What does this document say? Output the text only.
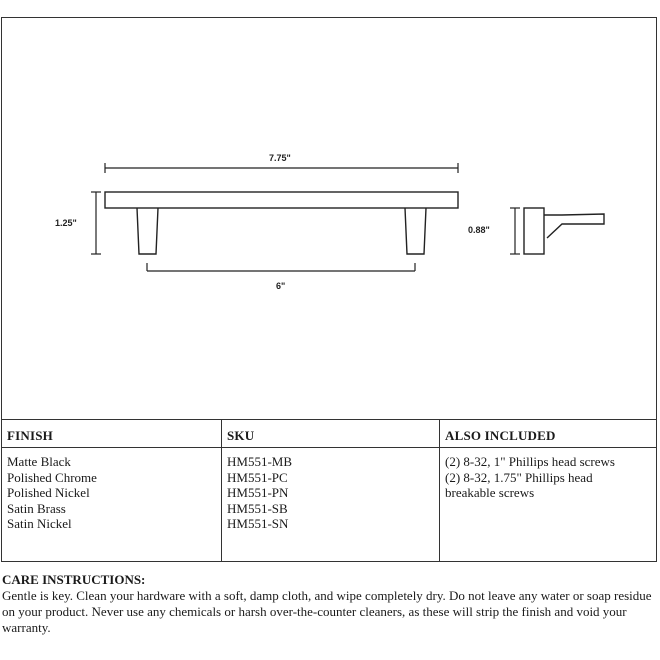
7.75"
1.25"
6"
0.88"
FINISH	SKU	ALSO INCLUDED
Matte Black
Polished Chrome
Polished Nickel
Satin Brass
Satin Nickel
HM551-MB
HM551-PC
HM551-PN
HM551-SB
HM551-SN
(2) 8-32, 1" Phillips head screws
(2) 8-32, 1.75" Phillips head
breakable screws
CARE INSTRUCTIONS:
Gentle is key. Clean your hardware with a soft, damp cloth, and wipe completely dry. Do not leave any water or soap residue on your product. Never use any chemicals or harsh over-the-counter cleaners, as these will strip the finish and void your warranty.
